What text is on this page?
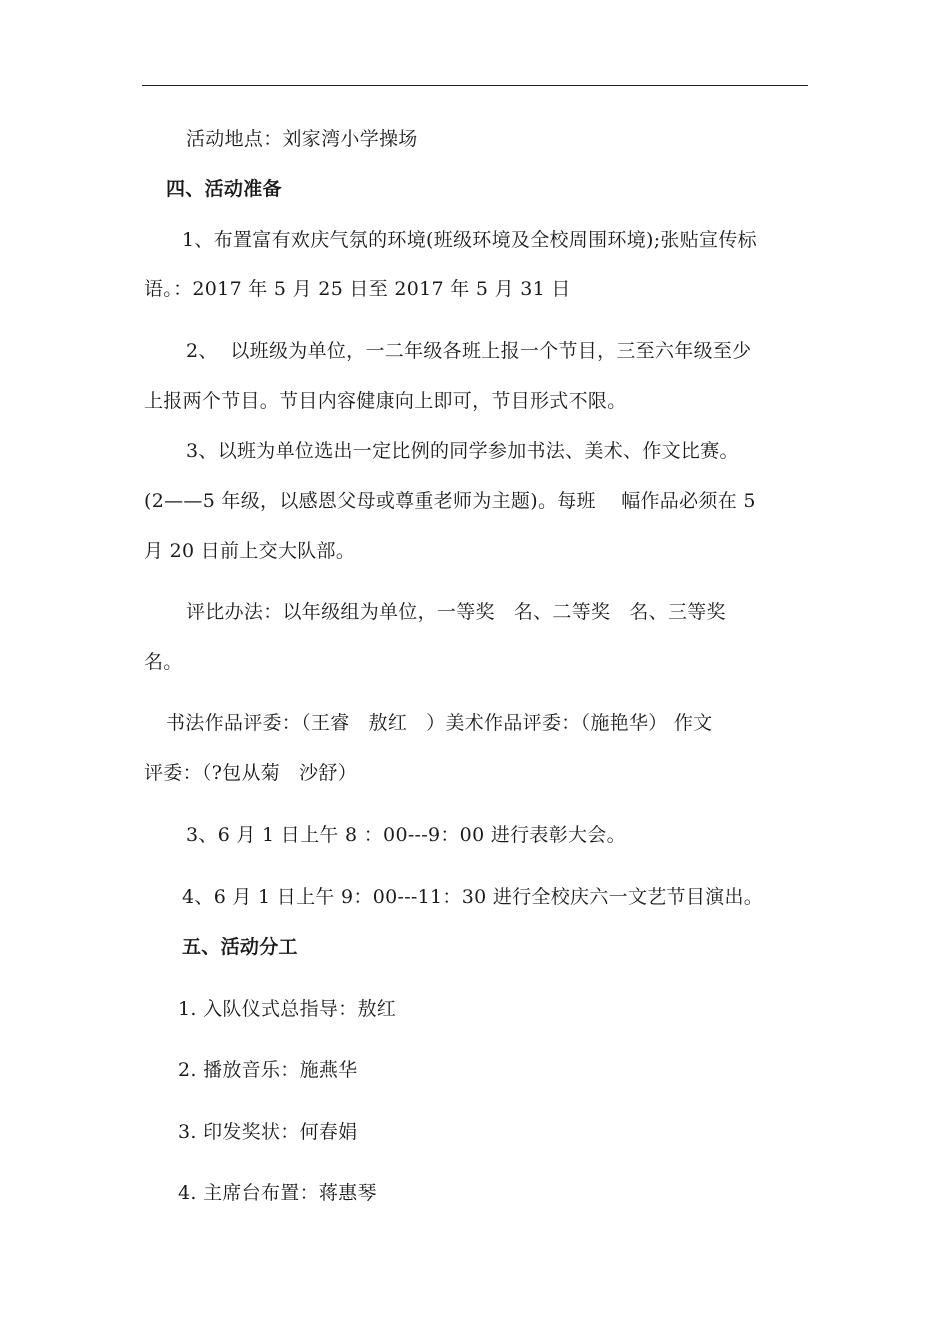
活动地点：刘家湾小学操场
四、活动准备
1、布置富有欢庆气氛的环境(班级环境及全校周围环境);张贴宣传标
语。：2017 年 5 月 25 日至 2017 年 5 月 31 日
2、  以班级为单位，一二年级各班上报一个节目，三至六年级至少
上报两个节目。节目内容健康向上即可，节目形式不限。
3、以班为单位选出一定比例的同学参加书法、美术、作文比赛。
(2——5 年级，以感恩父母或尊重老师为主题)。每班    幅作品必须在 5
月 20 日前上交大队部。
评比办法：以年级组为单位，一等奖   名、二等奖   名、三等奖
名。
书法作品评委：（王睿   敖红   ）美术作品评委：（施艳华） 作文
评委：（?包从菊   沙舒）
3、6 月 1 日上午 8 ：00---9：00 进行表彰大会。
4、6 月 1 日上午 9：00---11：30 进行全校庆六一文艺节目演出。
五、活动分工
1. 入队仪式总指导：敖红
2. 播放音乐：施燕华
3. 印发奖状：何春娟
4. 主席台布置：蒋惠琴
